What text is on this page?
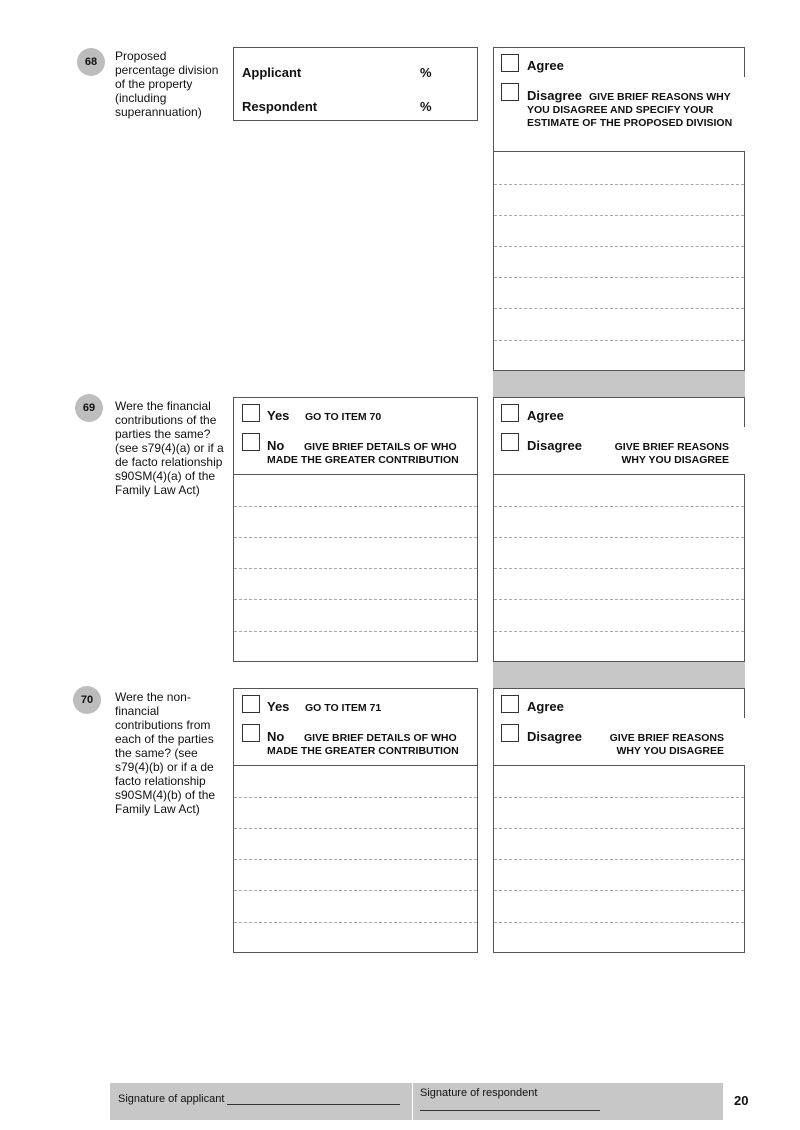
68	Proposed percentage division of the property (including superannuation)
Applicant	%
Respondent	%
Agree
Disagree GIVE BRIEF REASONS WHY YOU DISAGREE AND SPECIFY YOUR ESTIMATE OF THE PROPOSED DIVISION
69	Were the financial contributions of the parties the same? (see s79(4)(a) or if a de facto relationship s90SM(4)(a) of the Family Law Act)
Yes GO TO ITEM 70
No	GIVE BRIEF DETAILS OF WHO MADE THE GREATER CONTRIBUTION
Agree
Disagree	GIVE BRIEF REASONS WHY YOU DISAGREE
70	Were the non-financial contributions from each of the parties the same? (see s79(4)(b) or if a de facto relationship s90SM(4)(b) of the Family Law Act)
Yes GO TO ITEM 71
No	GIVE BRIEF DETAILS OF WHO MADE THE GREATER CONTRIBUTION
Agree
Disagree	GIVE BRIEF REASONS WHY YOU DISAGREE
Signature of applicant	Signature of respondent	20
